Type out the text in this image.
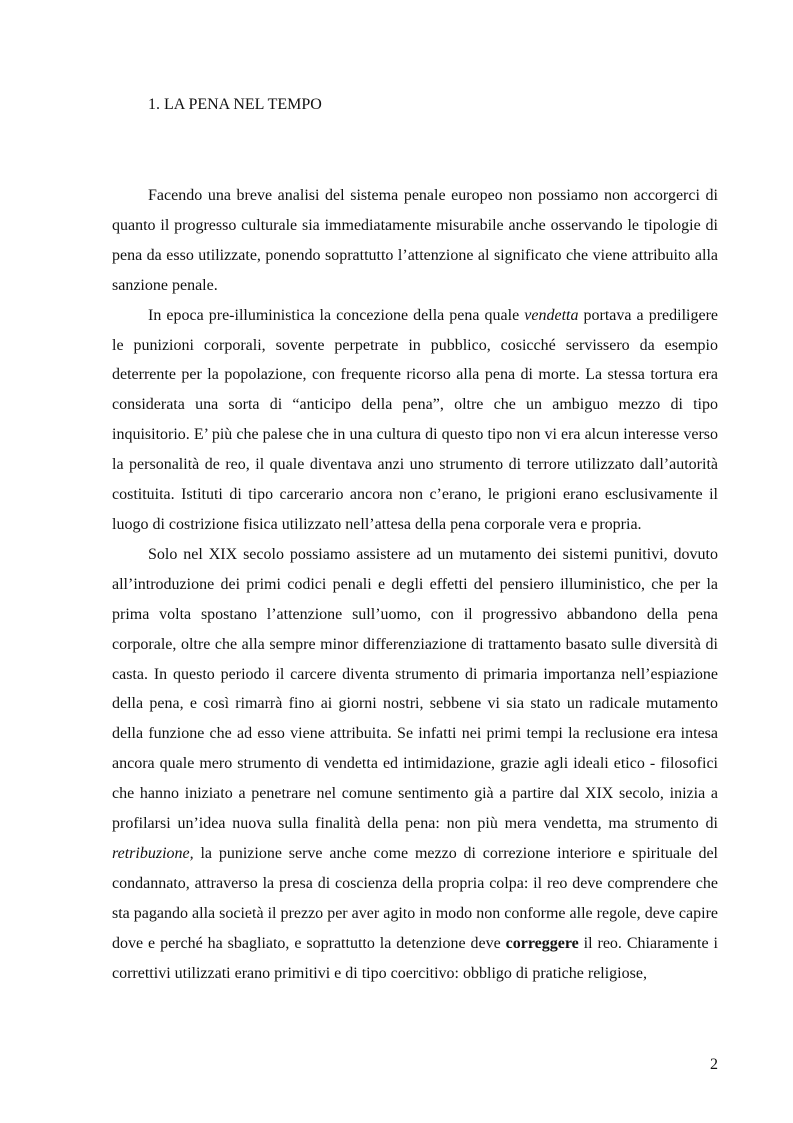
1. LA PENA NEL TEMPO

Facendo una breve analisi del sistema penale europeo non possiamo non accorgerci di quanto il progresso culturale sia immediatamente misurabile anche osservando le tipologie di pena da esso utilizzate, ponendo soprattutto l’attenzione al significato che viene attribuito alla sanzione penale.

In epoca pre-illuministica la concezione della pena quale vendetta portava a prediligere le punizioni corporali, sovente perpetrate in pubblico, cosicché servissero da esempio deterrente per la popolazione, con frequente ricorso alla pena di morte. La stessa tortura era considerata una sorta di “anticipo della pena”, oltre che un ambiguo mezzo di tipo inquisitorio. E’ più che palese che in una cultura di questo tipo non vi era alcun interesse verso la personalità de reo, il quale diventava anzi uno strumento di terrore utilizzato dall’autorità costituita. Istituti di tipo carcerario ancora non c’erano, le prigioni erano esclusivamente il luogo di costrizione fisica utilizzato nell’attesa della pena corporale vera e propria.

Solo nel XIX secolo possiamo assistere ad un mutamento dei sistemi punitivi, dovuto all’introduzione dei primi codici penali e degli effetti del pensiero illuministico, che per la prima volta spostano l’attenzione sull’uomo, con il progressivo abbandono della pena corporale, oltre che alla sempre minor differenziazione di trattamento basato sulle diversità di casta. In questo periodo il carcere diventa strumento di primaria importanza nell’espiazione della pena, e così rimarrà fino ai giorni nostri, sebbene vi sia stato un radicale mutamento della funzione che ad esso viene attribuita. Se infatti nei primi tempi la reclusione era intesa ancora quale mero strumento di vendetta ed intimidazione, grazie agli ideali etico - filosofici che hanno iniziato a penetrare nel comune sentimento già a partire dal XIX secolo, inizia a profilarsi un’idea nuova sulla finalità della pena: non più mera vendetta, ma strumento di retribuzione, la punizione serve anche come mezzo di correzione interiore e spirituale del condannato, attraverso la presa di coscienza della propria colpa: il reo deve comprendere che sta pagando alla società il prezzo per aver agito in modo non conforme alle regole, deve capire dove e perché ha sbagliato, e soprattutto la detenzione deve correggere il reo. Chiaramente i correttivi utilizzati erano primitivi e di tipo coercitivo: obbligo di pratiche religiose,

2
